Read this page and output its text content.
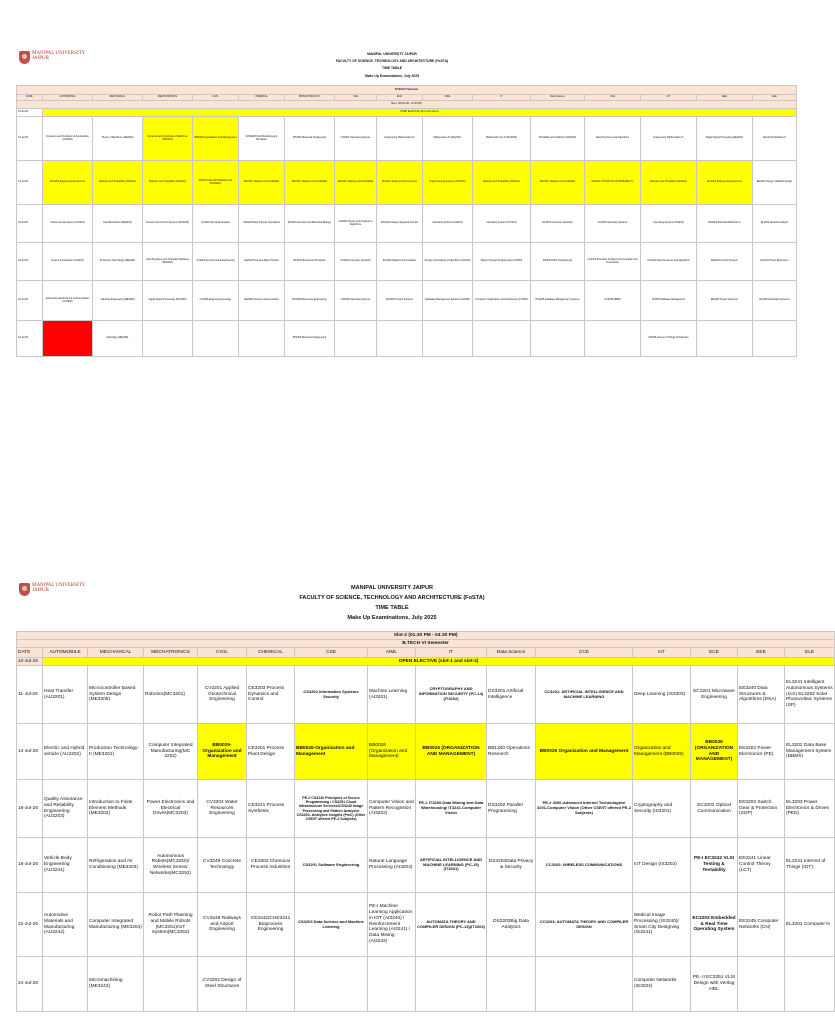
MANIPAL UNIVERSITY
JAIPUR
MANIPAL UNIVERSITY JAIPUR
FACULTY OF SCIENCE, TECHNOLOGY AND ARCHITECTURE (FoSTA)
TIME TABLE
Make Up Examinations, July 2025
B.TECH IV Semester															
DATE	AUTOMOBILE	MECHANICAL	MECHATRONICS	CIVIL	CHEMICAL	BIOTECHNOLOGY	CSE	ECE	AIML	IT	Data Science	CCE	IoT	EEE	ELE
Slot-1 (09:30 AM - 12:30 PM)															
10-Jul-25	OPEN ELECTIVE (slot-1 and slot-2)														
10-Jul-25	Dynamics and Synthesis of Automobiles (AU2202)	Theory of Machines (ME2202)	Dynamics and Synthesis of Machines (MC2201)	BB0026 Organization and Management	ICMS225 Fluid Modelling and Simulation	BT2202 Molecular Engineering	CS2201 Operating Systems	Engineering Mathematics-IV	Mathematics-IV (MA2201)	Mathematics for AI (MA2203)	Probability and Statistics (MA2203)	Data Structures and Algorithms	Engineering Mathematics-IV	Digital Signal Processing (EE2202)	Electrical Machines-II
14-Jul-25	MA2201 Engineering Economics	Statistics and Probability (MA2201)	Statistics and Probability (MA2201)	MA2201 Strength Statistics and Probability	MA2201 Statistics and Probability	MA2201 Statistics and Probability	MA2201 Statistics and Probability	MA2201 Engineering Economics	Engineering Economics (HS2201)	Statistics and Probability (MA2201)	MA2201 Statistics and Probability	MA2201 STATISTICS & PROBABILITY	Statistics and Probability (MA2201)	MA2201 Engineering Economics	EE2201 Design / EE2201 Design
16-Jul-25	Vehicle Aerodynamics (AU2203)	Fluid Mechanics (ME2203)	Sensors and Control Systems (MC2203)	CV2203 Structural Analysis	CE2203 Mass Transfer Operations	BT2203 Genetics and Molecular Biology	CS2203 Design and Analysis of Algorithms	EC2203 Analog Integrated Circuits	Operating Systems (AI2201)	Operating Systems (IT2201)	DS2203 Computer Networks	CC2203 Operating Systems	Operating Systems (IO2203)	EE2203 Electrical Machines-II	EL2203 Network Analysis
18-Jul-25	Fuels & Combustion (AU2204)	Production Technology (ME2204)	Fluid Dynamics and Hydraulic Machines (MC2204)	CV2204 Environmental Engineering	CE2204 Heat and Mass Transfer	BT2204 Bioprocess Principles	CS2204 Computer Networks	EC2204 Digital Communication	Design and Analysis of Algorithms (AI2204)	Object Oriented Programming (IT2204)	DS2204 Web Programming	CC2204 Principles of Data Communication and Networking	CC2204 Data Structures and Algorithms	EE2204 Control Systems	EL2204 Power Electronics
22-Jul-25	Automotive Electronics & Instrumentation (AU2205)	Industrial Engineering (ME2205)	Digital Signal Processing (MC2205)	CV2205 Engineering Geology	CE2205 Process Instrumentation	BT2205 Bioprocess Engineering	CS2205 Operating Systems	EC2205 Control Systems	Database Management Systems (AI2205)	Computer Organization and Architecture (IT2205)	DS2205 Database Management Systems	CC2205 DBMS	IO2205 Database Management	EE2205 Power Systems-I	EL2205 Embedded Systems
24-Jul-25		Metrology (ME2206)				BT2206 Bioreactor Engineering							IO2206 Internet of Things Architecture		
MANIPAL UNIVERSITY
JAIPUR	MANIPAL UNIVERSITY JAIPUR
FACULTY OF SCIENCE, TECHNOLOGY AND ARCHITECTURE (FoSTA)
TIME TABLE
Make Up Examinations, July 2025
Slot-2 (01:30 PM - 04:30 PM)														
B.TECH VI Semester														
DATE	AUTOMOBILE	MECHANICAL	MECHATRONICS	CIVIL	CHEMICAL	CSE	AIML	IT	Data Science	CCE	IoT	ECE	EEE	ELE
10-Jul-25	OPEN ELECTIVE (slot-1 and slot-2)													
11-Jul-25	Heat Transfer (AU3201)	Microcontroller Based System Design (ME3205)	Robotics(MC3201)	CV3201 Applied Geotechnical Engineering	CE3203 Process Dynamics and Control	CS3202 Information Systems Security	Machine Learning (AI3201)	CRYPTOGRAPHY AND INFORMATION SECURITY (PC-14)(IT3202)	DS3201 Artificial Intelligence	CC3201: ARTIFICIAL INTELLIGENCE AND MACHINE LEARNING	Deep Learning (IS3203)	EC3201 Microwave Engineering	EE3240 Data Structures & Algorithms (DSA)	EL3241 Intelligent Autonomous Systems (IAS) EL3252 Solar Photovoltaic Systems (SP)
14-Jul-25	Electric and Hybrid vehicle (AU3202)	Production Technology- II (ME3201)	Computer Integrated Manufacturing(MC 3202)	BB0026-Organization and Management	CE3201 Process Plant Design	BB0026-Organization and Management	BB0026 (Organization and Management)	BB0026 (ORGANIZATION AND MANAGEMENT)	BB1340 Operations Research	BB0026 Organization and Management	Organization and Management (BB0026)	BB0026 (ORGANIZATION AND MANAGEMENT)	EE3202 Power Electronics (PE)	EL3202 Data Base Management System (DBMS)
16-Jul-25	Quality Assurance and Reliability Engineering (AU3203)	Introduction to Finite Element Methods (ME3202)	Power Electronics and Electrical Drives(MC3203)	CV3204 Water Resources Engineering	CE3241 Process Synthesis	PE-2 CS3240 Principles of Secure Programming / CS3251 Cloud Infrastructure Services/CS3240 Image Processing and Pattern Analysis/ CS3260- Analytics Insights (PwC) (Other CSE/IT offered PE-2 Subjects)	Computer Vision and Pattern Recognition (AI3202)	PE-2 IT3200-Data Mining and Data Warehousing/ IT3241-Computer Vision	DS3202 Parallel Programming	PE-2 3200-Advanced Internet Technologies/ 3201-Computer Vision (Other CSE/IT offered PE-2 Subjects)	Cryptography and Security (IS3201)	EC3202 Optical Communication	EE3203 Switch Gear & Protection (SGP)	EL3203 Power Electronics & Drives (PED)
18-Jul-25	Vehicle Body Engineering (AU3241)	Refrigeration and Air Conditioning (ME3203)	Autonomous Robots(MC3250)/ Wireless Sensor Networks(MC3252)	CV3249 Concrete Technology	CE3202 Chemical Process Industries	CS3201 Software Engineering	Natural Language Processing (AI3204)	ARTIFICIAL INTELLIGENCE AND MACHINE LEARNING (PC-15)(IT3201)	DS3204Data Privacy & Security	CC3202: WIRELESS COMMUNICATIONS	IoT Design (IS3202)	PE-I EC3242 VLSI Testing & Testability	EE3241 Linear Control Theory (LCT)	EL3241 Internet of Things (IOT)
22-Jul-25	Automotive Materials and Manufacturing (AU3242)	Computer Integrated Manufacturing (ME3204)	Robot Path Planning and Mobile Robots (MC3251)/IoT System(MC3253)	CV3248 Railways and Airport Engineering	CE3242/CHE3241 Bioprocess Engineering	CS3203 Data Science and Machine Learning	PE-I Machine Learning Application in IOT (AI3240) / Reinforcement Learning (AI3241) / Data Mining (AI3242)	AUTOMATA THEORY AND COMPILER DESIGN (PC-13)(IT3203)	DS3203Big Data Analytics	CC3203: AUTOMATA THEORY AND COMPILER DESIGN	Medical Image Processing (IS3240)/ Smart City Designing (IS3241)	EC3203 Embedded & Real Time Operating System	EE3245 Computer Networks (CN)	EL3201 Computer N
24-Jul-25		Micromachining (ME3243)		CV3202 Design of Steel Structures							Computer Networks (IS3204)	PE- II EC3251 VLSI Design with Verilog HDL		
